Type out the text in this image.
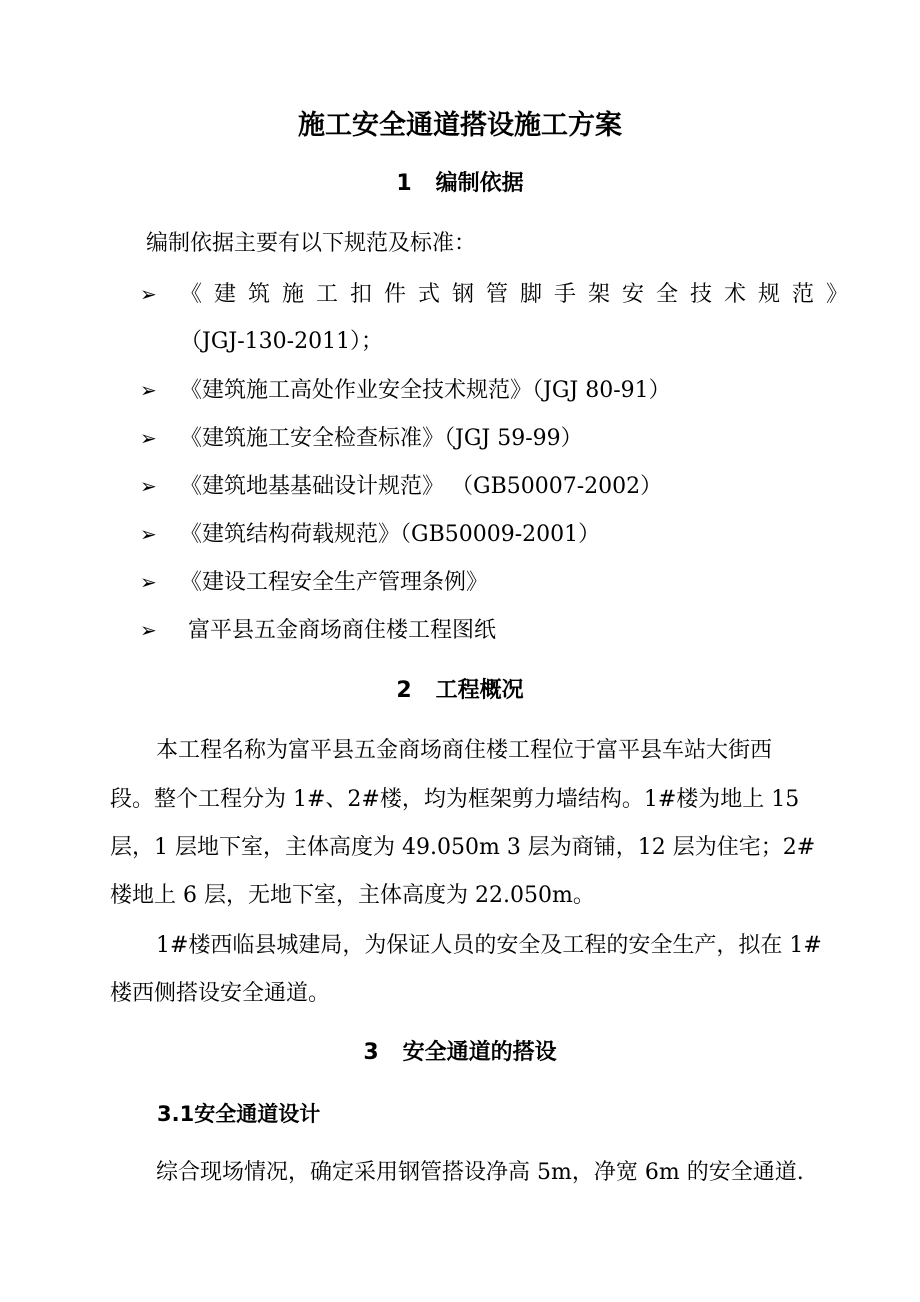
施工安全通道搭设施工方案
1 编制依据
编制依据主要有以下规范及标准：
➢ 《建筑施工扣件式钢管脚手架安全技术规范》
（JGJ-130-2011）；
➢ 《建筑施工高处作业安全技术规范》（JGJ 80-91）
➢ 《建筑施工安全检查标准》（JGJ 59-99）
➢ 《建筑地基基础设计规范》 （GB50007-2002）
➢ 《建筑结构荷载规范》（GB50009-2001）
➢ 《建设工程安全生产管理条例》
➢ 富平县五金商场商住楼工程图纸
2 工程概况
本工程名称为富平县五金商场商住楼工程位于富平县车站大街西
段。整个工程分为 1#、2#楼，均为框架剪力墙结构。1#楼为地上 15
层，1 层地下室，主体高度为 49.050m 3 层为商铺，12 层为住宅；2#
楼地上 6 层，无地下室，主体高度为 22.050m。
1#楼西临县城建局，为保证人员的安全及工程的安全生产，拟在 1#
楼西侧搭设安全通道。
3 安全通道的搭设
3.1安全通道设计
综合现场情况，确定采用钢管搭设净高 5m，净宽 6m 的安全通道.
